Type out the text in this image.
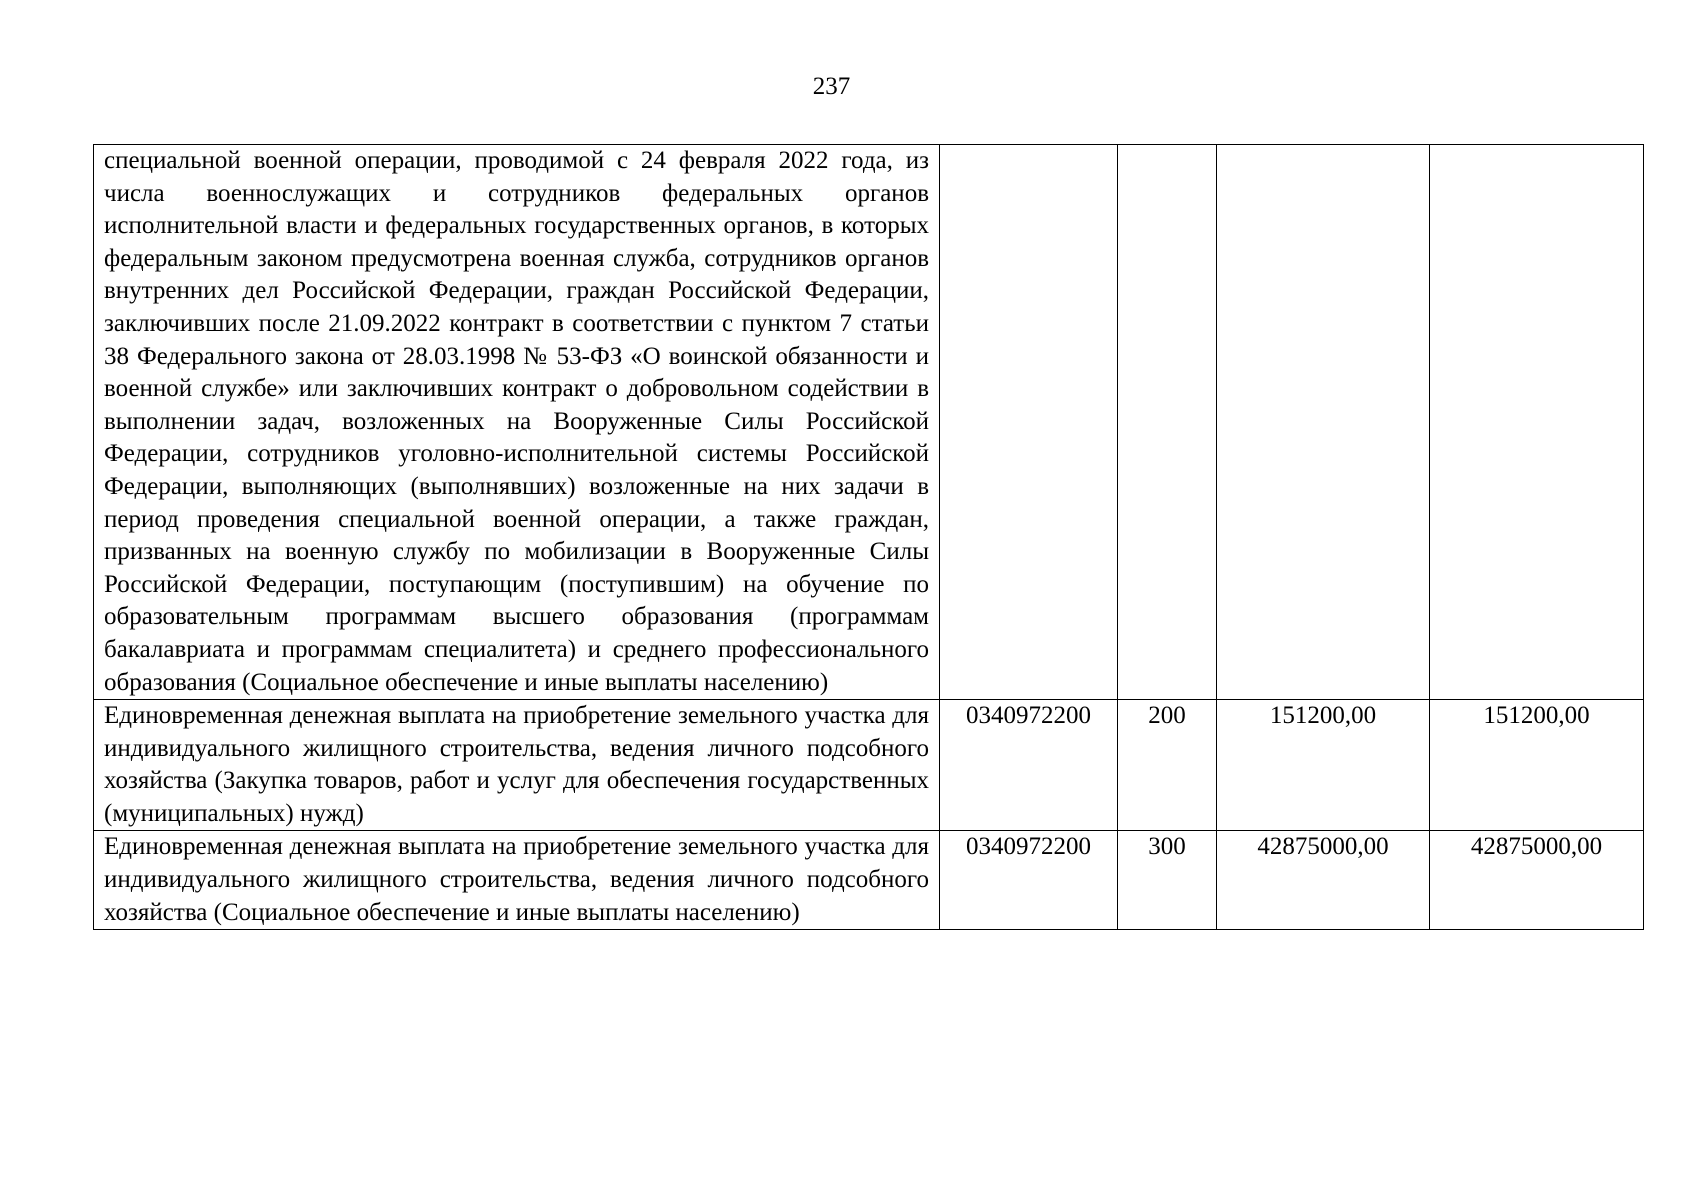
237
специальной военной операции, проводимой с 24 февраля 2022 года, из числа военнослужащих и сотрудников федеральных органов исполнительной власти и федеральных государственных органов, в которых федеральным законом предусмотрена военная служба, сотрудников органов внутренних дел Российской Федерации, граждан Российской Федерации, заключивших после 21.09.2022 контракт в соответствии с пунктом 7 статьи 38 Федерального закона от 28.03.1998 № 53-ФЗ «О воинской обязанности и военной службе» или заключивших контракт о добровольном содействии в выполнении задач, возложенных на Вооруженные Силы Российской Федерации, сотрудников уголовно-исполнительной системы Российской Федерации, выполняющих (выполнявших) возложенные на них задачи в период проведения специальной военной операции, а также граждан, призванных на военную службу по мобилизации в Вооруженные Силы Российской Федерации, поступающим (поступившим) на обучение по образовательным программам высшего образования (программам бакалавриата и программам специалитета) и среднего профессионального образования (Социальное обеспечение и иные выплаты населению)				
Единовременная денежная выплата на приобретение земельного участка для индивидуального жилищного строительства, ведения личного подсобного хозяйства (Закупка товаров, работ и услуг для обеспечения государственных (муниципальных) нужд)	0340972200	200	151200,00	151200,00
Единовременная денежная выплата на приобретение земельного участка для индивидуального жилищного строительства, ведения личного подсобного хозяйства (Социальное обеспечение и иные выплаты населению)	0340972200	300	42875000,00	42875000,00
